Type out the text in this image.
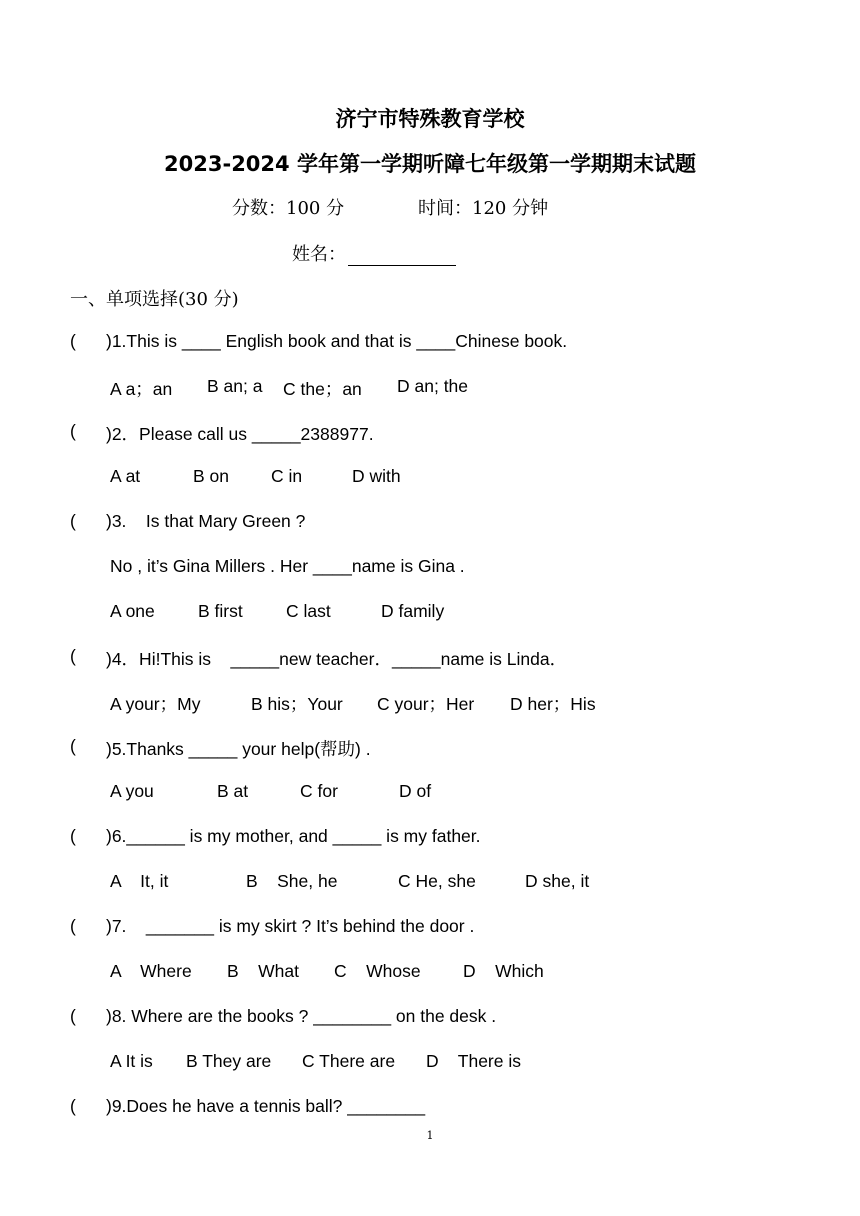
济宁市特殊教育学校
2023-2024 学年第一学期听障七年级第一学期期末试题
分数：100 分	时间：120 分钟
姓名：
一、单项选择(30 分)
( )1.This is ____ English book and that is ____Chinese book.
A a；an B an; a C the；an D an; the
( )2．Please call us _____2388977.
A at	B on C in	D with
( )3.    Is that Mary Green ?
No , it’s Gina Millers . Her ____name is Gina .
A one B first C last	D family
( )4．Hi!This is    _____new teacher．_____name is Linda．
A your；My	B his；Your C your；Her D her；His
( )5.Thanks _____ your help(帮助) .
A you	B at	C for	D of
( )6.______ is my mother, and _____ is my father.
A    It, it	B    She, he	C He, she	D she, it
( )7.    _______ is my skirt ? It’s behind the door .
A    Where B    What C    Whose D    Which
( )8. Where are the books ? ________ on the desk .
A It is B They are C There are D    There is
( )9.Does he have a tennis ball? ________
1
